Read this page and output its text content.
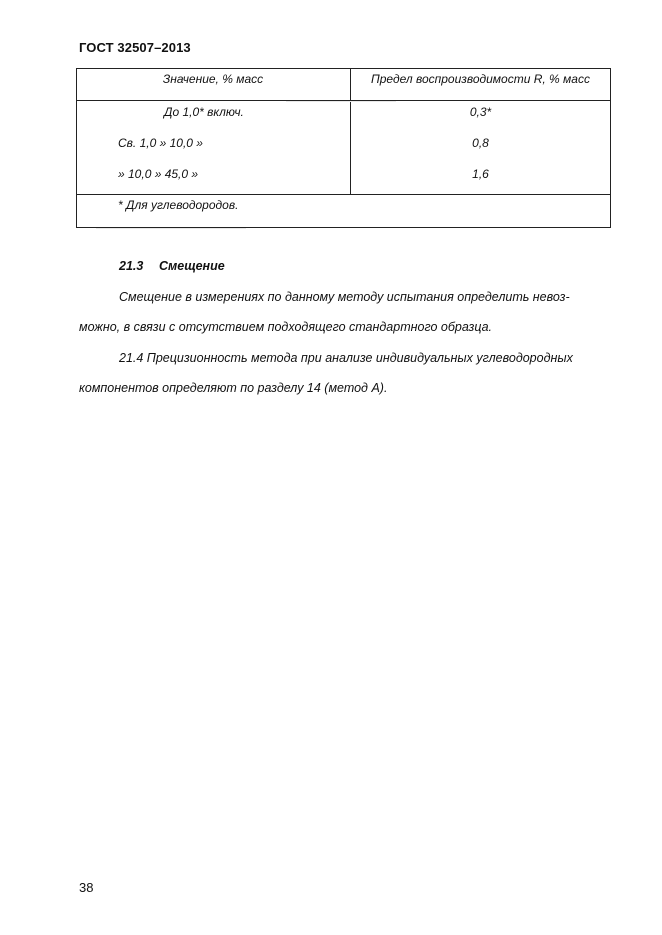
ГОСТ 32507–2013
Значение, % масс	Предел воспроизводимости R, % масс
До 1,0* включ.	0,3*
Св. 1,0 » 10,0 »	0,8
» 10,0 » 45,0 »	1,6
* Для углеводородов.
21.3 Смещение
Смещение в измерениях по данному методу испытания определить невоз-
можно, в связи с отсутствием подходящего стандартного образца.
21.4 Прецизионность метода при анализе индивидуальных углеводородных
компонентов определяют по разделу 14 (метод А).
38
